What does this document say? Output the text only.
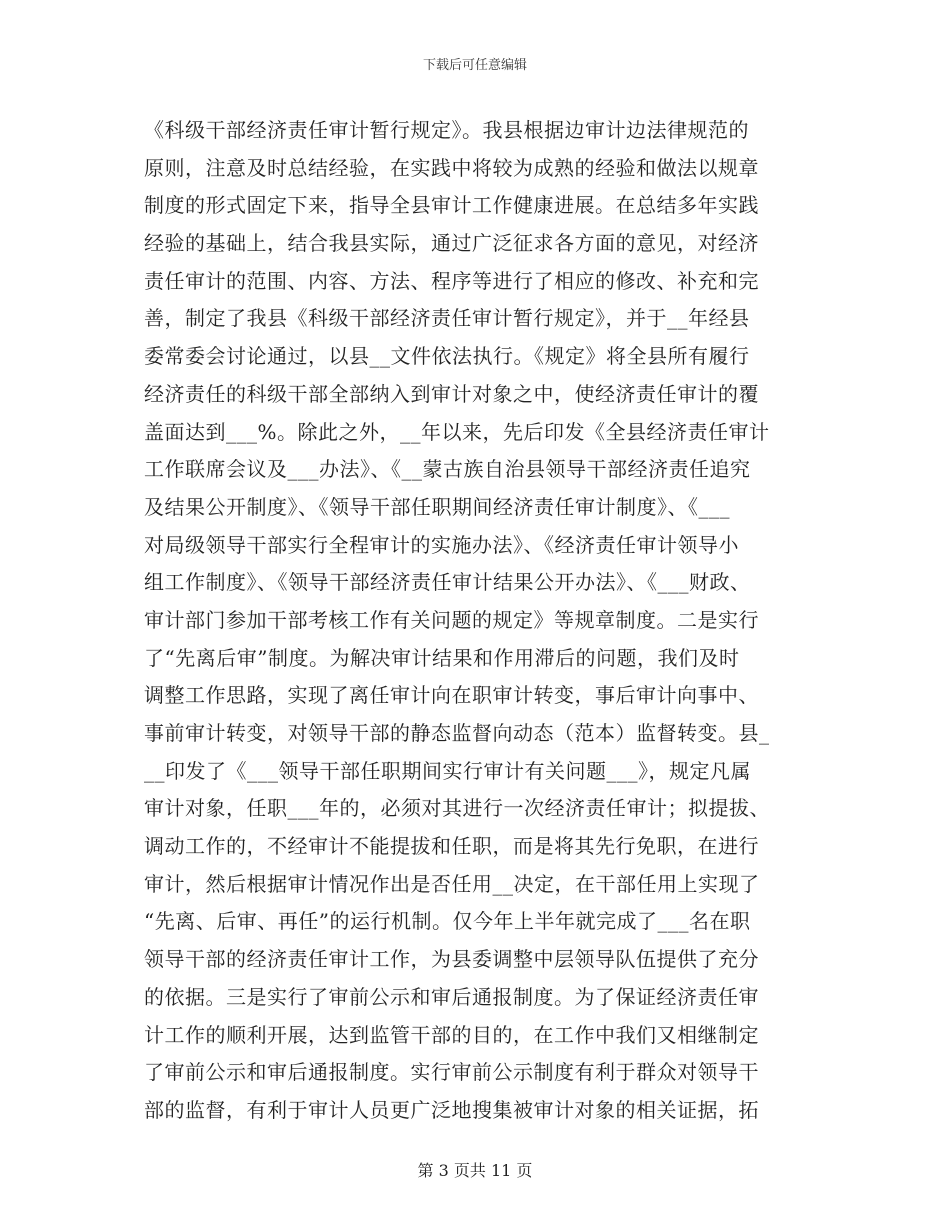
下载后可任意编辑
《科级干部经济责任审计暂行规定》。我县根据边审计边法律规范的
原则，注意及时总结经验，在实践中将较为成熟的经验和做法以规章
制度的形式固定下来，指导全县审计工作健康进展。在总结多年实践
经验的基础上，结合我县实际，通过广泛征求各方面的意见，对经济
责任审计的范围、内容、方法、程序等进行了相应的修改、补充和完
善，制定了我县《科级干部经济责任审计暂行规定》，并于__年经县
委常委会讨论通过，以县__文件依法执行。《规定》将全县所有履行
经济责任的科级干部全部纳入到审计对象之中，使经济责任审计的覆
盖面达到___%。除此之外，__年以来，先后印发《全县经济责任审计
工作联席会议及___办法》、《__蒙古族自治县领导干部经济责任追究
及结果公开制度》、《领导干部任职期间经济责任审计制度》、《___
对局级领导干部实行全程审计的实施办法》、《经济责任审计领导小
组工作制度》、《领导干部经济责任审计结果公开办法》、《___财政、
审计部门参加干部考核工作有关问题的规定》等规章制度。二是实行
了“先离后审”制度。为解决审计结果和作用滞后的问题，我们及时
调整工作思路，实现了离任审计向在职审计转变，事后审计向事中、
事前审计转变，对领导干部的静态监督向动态（范本）监督转变。县_
__印发了《___领导干部任职期间实行审计有关问题___》，规定凡属
审计对象，任职___年的，必须对其进行一次经济责任审计；拟提拔、
调动工作的，不经审计不能提拔和任职，而是将其先行免职，在进行
审计，然后根据审计情况作出是否任用__决定，在干部任用上实现了
“先离、后审、再任”的运行机制。仅今年上半年就完成了___名在职
领导干部的经济责任审计工作，为县委调整中层领导队伍提供了充分
的依据。三是实行了审前公示和审后通报制度。为了保证经济责任审
计工作的顺利开展，达到监管干部的目的，在工作中我们又相继制定
了审前公示和审后通报制度。实行审前公示制度有利于群众对领导干
部的监督，有利于审计人员更广泛地搜集被审计对象的相关证据，拓
第 3 页共 11 页
